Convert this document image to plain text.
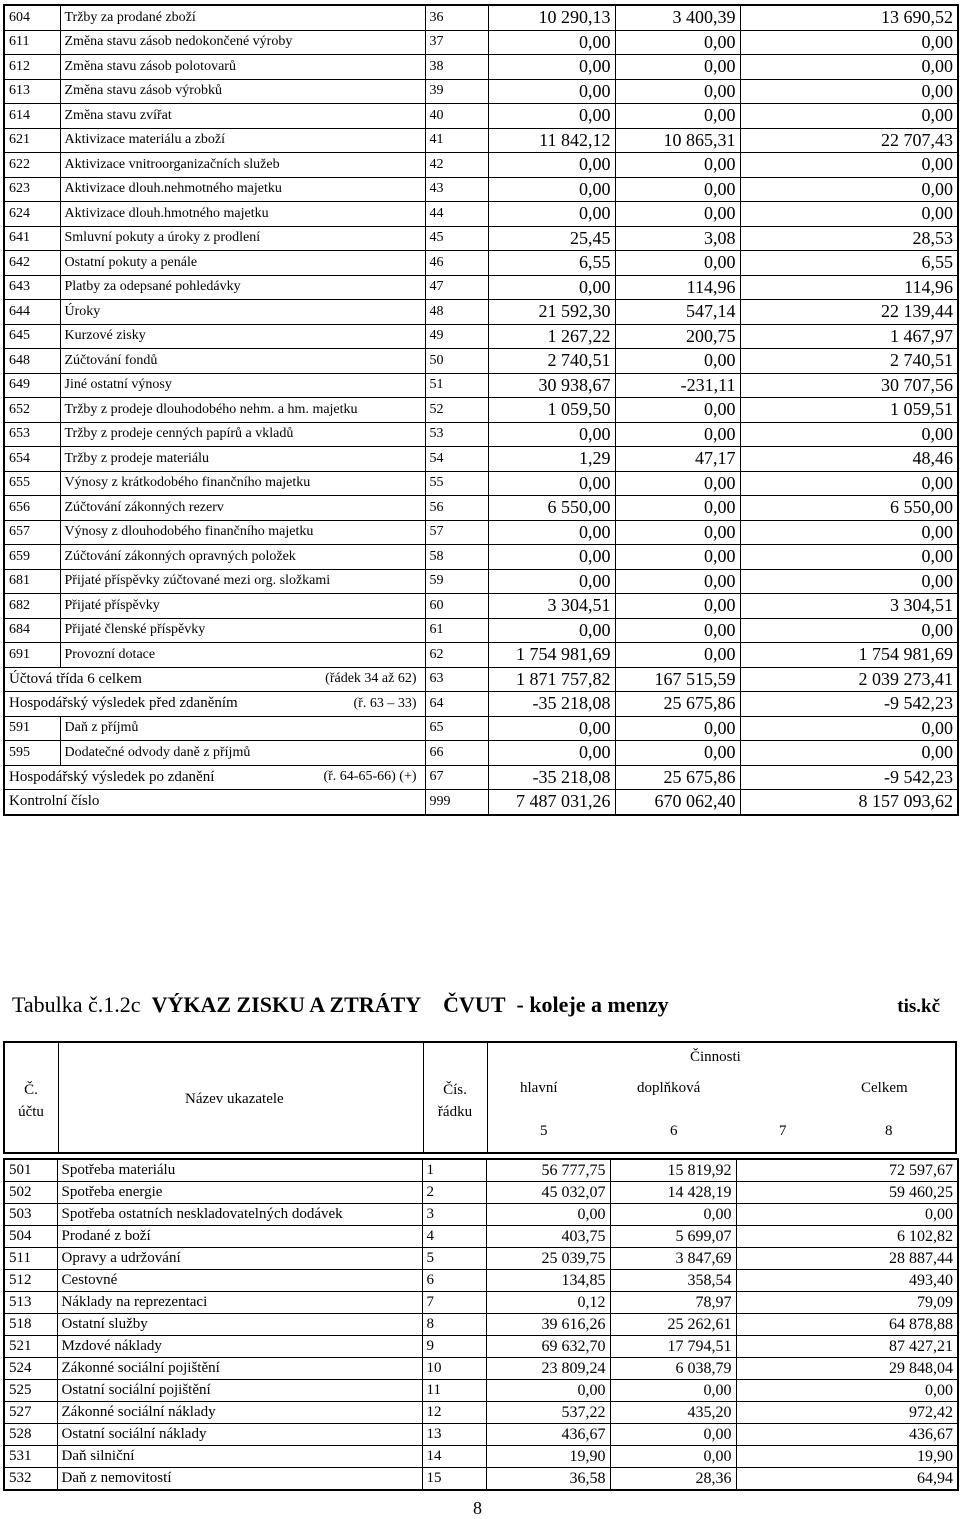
604	Tržby za prodané zboží	36	10 290,13	3 400,39	13 690,52
611	Změna stavu zásob nedokončené výroby	37	0,00	0,00	0,00
612	Změna stavu zásob polotovarů	38	0,00	0,00	0,00
613	Změna stavu zásob výrobků	39	0,00	0,00	0,00
614	Změna stavu zvířat	40	0,00	0,00	0,00
621	Aktivizace materiálu a zboží	41	11 842,12	10 865,31	22 707,43
622	Aktivizace vnitroorganizačních služeb	42	0,00	0,00	0,00
623	Aktivizace dlouh.nehmotného majetku	43	0,00	0,00	0,00
624	Aktivizace dlouh.hmotného majetku	44	0,00	0,00	0,00
641	Smluvní pokuty a úroky z prodlení	45	25,45	3,08	28,53
642	Ostatní pokuty a penále	46	6,55	0,00	6,55
643	Platby za odepsané pohledávky	47	0,00	114,96	114,96
644	Úroky	48	21 592,30	547,14	22 139,44
645	Kurzové zisky	49	1 267,22	200,75	1 467,97
648	Zúčtování fondů	50	2 740,51	0,00	2 740,51
649	Jiné ostatní výnosy	51	30 938,67	-231,11	30 707,56
652	Tržby z prodeje dlouhodobého nehm. a hm. majetku	52	1 059,50	0,00	1 059,51
653	Tržby z prodeje cenných papírů a vkladů	53	0,00	0,00	0,00
654	Tržby z prodeje materiálu	54	1,29	47,17	48,46
655	Výnosy z krátkodobého finančního majetku	55	0,00	0,00	0,00
656	Zúčtování zákonných rezerv	56	6 550,00	0,00	6 550,00
657	Výnosy z dlouhodobého finančního majetku	57	0,00	0,00	0,00
659	Zúčtování zákonných opravných položek	58	0,00	0,00	0,00
681	Přijaté příspěvky zúčtované mezi org. složkami	59	0,00	0,00	0,00
682	Přijaté příspěvky	60	3 304,51	0,00	3 304,51
684	Přijaté členské příspěvky	61	0,00	0,00	0,00
691	Provozní dotace	62	1 754 981,69	0,00	1 754 981,69
Účtová třída 6 celkem (řádek 34 až 62)		63	1 871 757,82	167 515,59	2 039 273,41
Hospodářský výsledek před zdaněním (ř. 63 – 33)		64	-35 218,08	25 675,86	-9 542,23
591	Daň z příjmů	65	0,00	0,00	0,00
595	Dodatečné odvody daně z příjmů	66	0,00	0,00	0,00
Hospodářský výsledek po zdanění (ř. 64-65-66) (+)		67	-35 218,08	25 675,86	-9 542,23
Kontrolní číslo		999	7 487 031,26	670 062,40	8 157 093,62
Tabulka č.1.2c VÝKAZ ZISKU A ZTRÁTY ČVUT - koleje a menzy	tis.kč
Č. účtu
Název ukazatele
Čís. řádku
Činnosti
hlavní	doplňková	Celkem
5	6	7	8
501	Spotřeba materiálu	1	56 777,75	15 819,92	72 597,67
502	Spotřeba energie	2	45 032,07	14 428,19	59 460,25
503	Spotřeba ostatních neskladovatelných dodávek	3	0,00	0,00	0,00
504	Prodané z boží	4	403,75	5 699,07	6 102,82
511	Opravy a udržování	5	25 039,75	3 847,69	28 887,44
512	Cestovné	6	134,85	358,54	493,40
513	Náklady na reprezentaci	7	0,12	78,97	79,09
518	Ostatní služby	8	39 616,26	25 262,61	64 878,88
521	Mzdové náklady	9	69 632,70	17 794,51	87 427,21
524	Zákonné sociální pojištění	10	23 809,24	6 038,79	29 848,04
525	Ostatní sociální pojištění	11	0,00	0,00	0,00
527	Zákonné sociální náklady	12	537,22	435,20	972,42
528	Ostatní sociální náklady	13	436,67	0,00	436,67
531	Daň silniční	14	19,90	0,00	19,90
532	Daň z nemovitostí	15	36,58	28,36	64,94
8
